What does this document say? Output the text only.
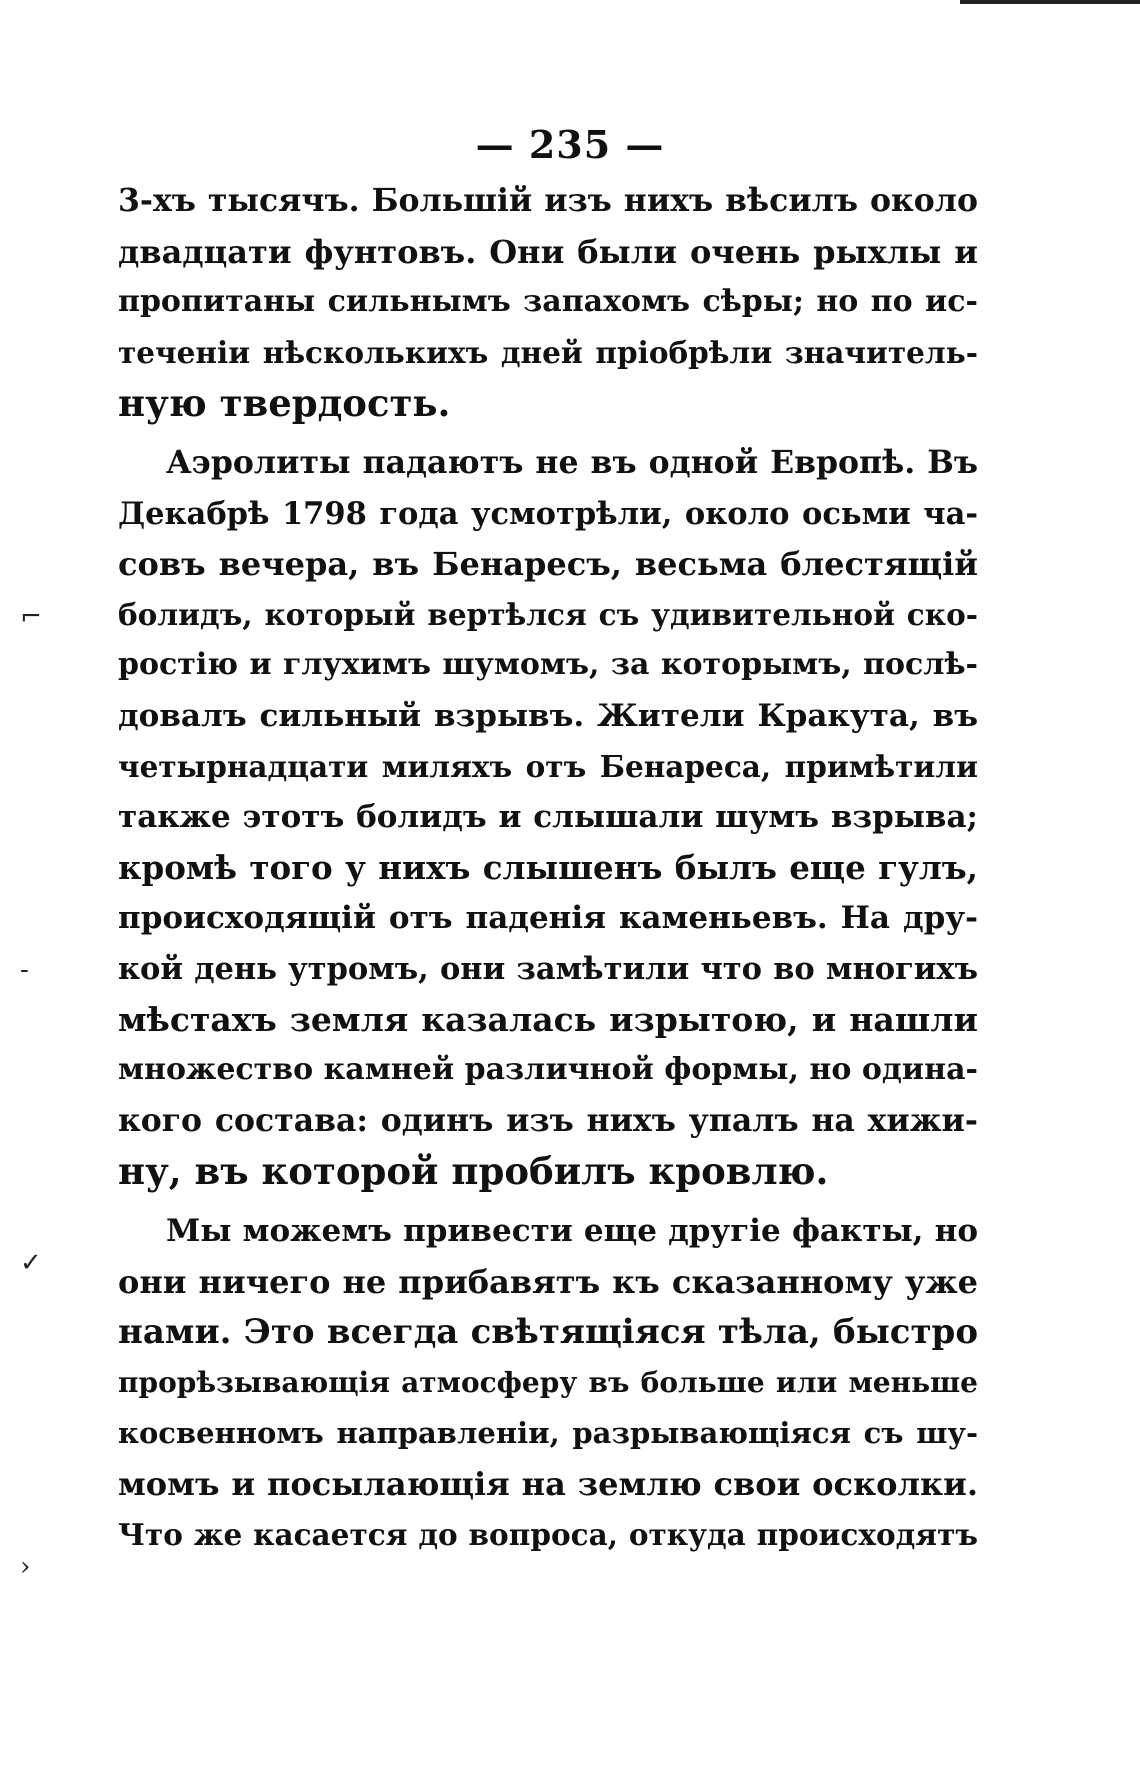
⌐
-
✓
›
— 235 —
3-хъ тысячъ. Большій изъ нихъ вѣсилъ около
двадцати фунтовъ. Они были очень рыхлы и
пропитаны сильнымъ запахомъ сѣры; но по ис-
теченіи нѣсколькихъ дней пріобрѣли значитель-
ную твердость.
Аэролиты падаютъ не въ одной Европѣ. Въ
Декабрѣ 1798 года усмотрѣли, около осьми ча-
совъ вечера, въ Бенаресъ, весьма блестящій
болидъ, который вертѣлся съ удивительной ско-
ростію и глухимъ шумомъ, за которымъ, послѣ-
довалъ сильный взрывъ. Жители Кракута, въ
четырнадцати миляхъ отъ Бенареса, примѣтили
также этотъ болидъ и слышали шумъ взрыва;
кромѣ того у нихъ слышенъ былъ еще гулъ,
происходящій отъ паденія каменьевъ. На дру-
кой день утромъ, они замѣтили что во многихъ
мѣстахъ земля казалась изрытою, и нашли
множество камней различной формы, но одина-
кого состава: одинъ изъ нихъ упалъ на хижи-
ну, въ которой пробилъ кровлю.
Мы можемъ привести еще другіе факты, но
они ничего не прибавятъ къ сказанному уже
нами. Это всегда свѣтящіяся тѣла, быстро
прорѣзывающія атмосферу въ больше или меньше
косвенномъ направленіи, разрывающіяся съ шу-
момъ и посылающія на землю свои осколки.
Что же касается до вопроса, откуда происходятъ
